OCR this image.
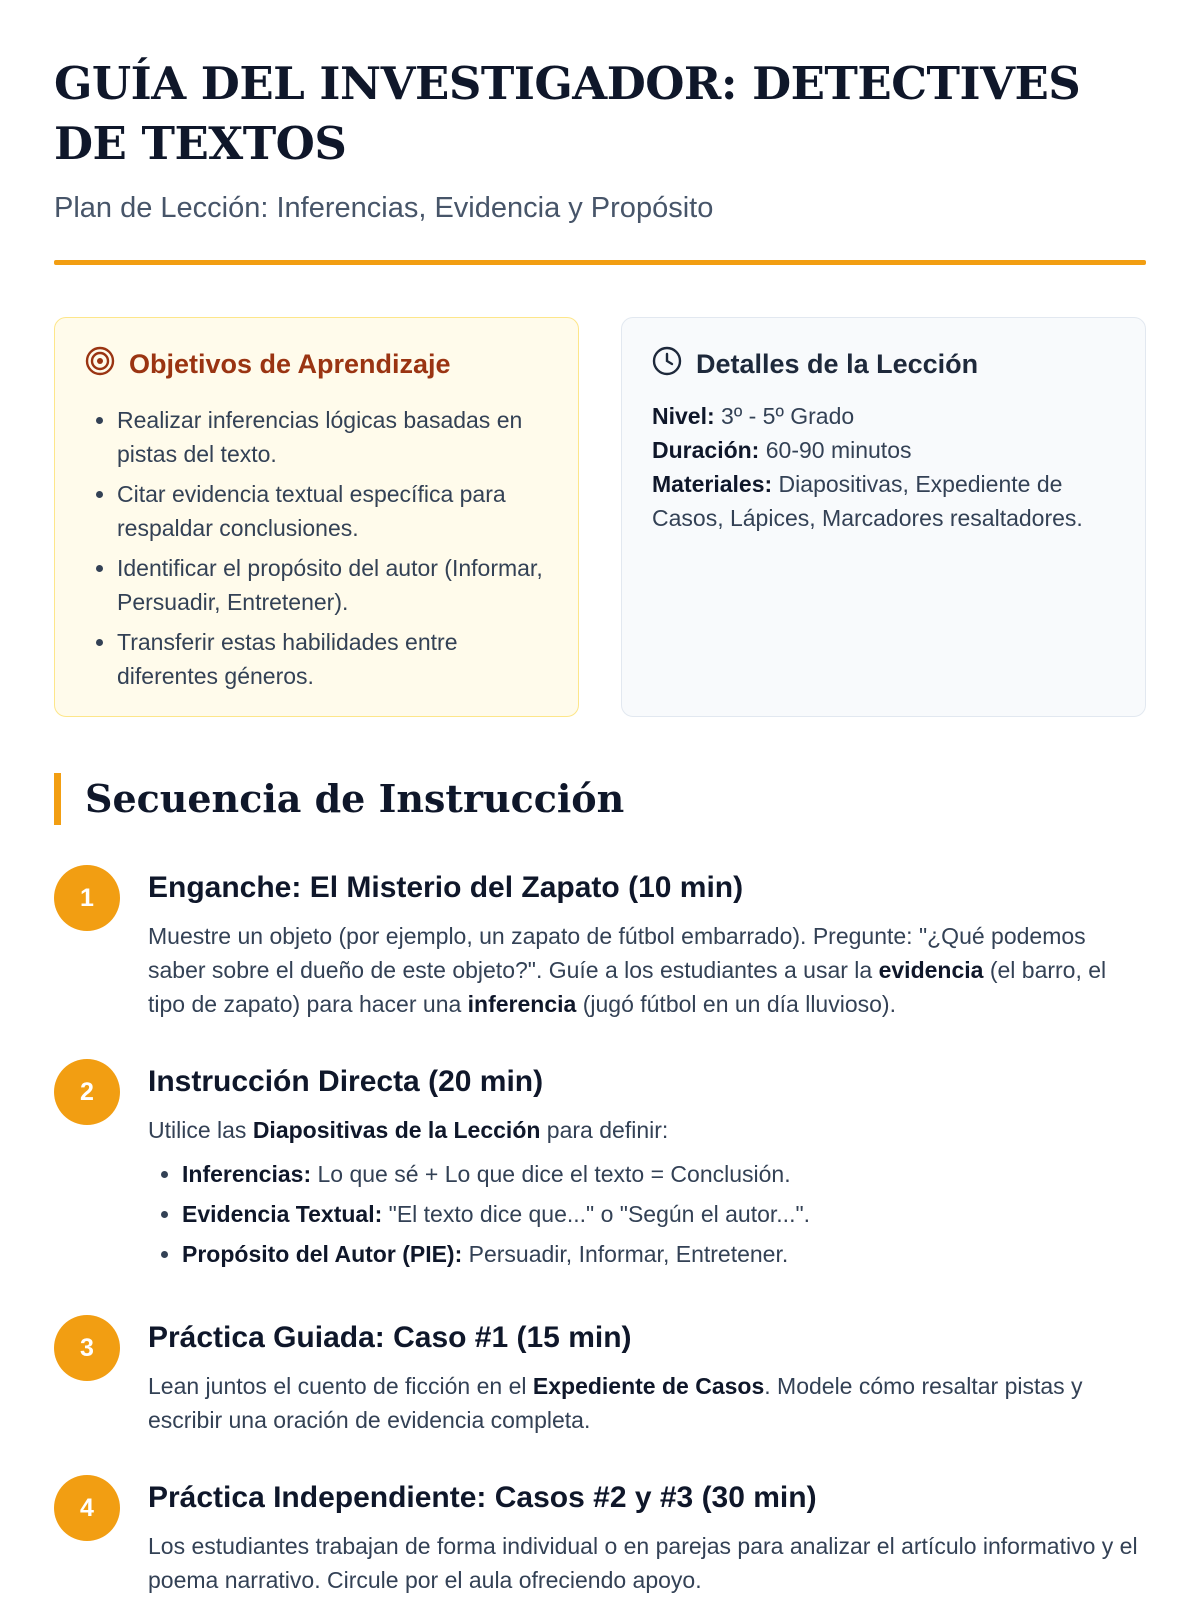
GUÍA DEL INVESTIGADOR: DETECTIVES DE TEXTOS
Plan de Lección: Inferencias, Evidencia y Propósito
Objetivos de Aprendizaje
• Realizar inferencias lógicas basadas en pistas del texto.
• Citar evidencia textual específica para respaldar conclusiones.
• Identificar el propósito del autor (Informar, Persuadir, Entretener).
• Transferir estas habilidades entre diferentes géneros.
Detalles de la Lección
Nivel: 3º - 5º Grado
Duración: 60-90 minutos
Materiales: Diapositivas, Expediente de Casos, Lápices, Marcadores resaltadores.
Secuencia de Instrucción
1	Enganche: El Misterio del Zapato (10 min)
Muestre un objeto (por ejemplo, un zapato de fútbol embarrado). Pregunte: "¿Qué podemos saber sobre el dueño de este objeto?". Guíe a los estudiantes a usar la evidencia (el barro, el tipo de zapato) para hacer una inferencia (jugó fútbol en un día lluvioso).
2	Instrucción Directa (20 min)
Utilice las Diapositivas de la Lección para definir:
• Inferencias: Lo que sé + Lo que dice el texto = Conclusión.
• Evidencia Textual: "El texto dice que..." o "Según el autor...".
• Propósito del Autor (PIE): Persuadir, Informar, Entretener.
3	Práctica Guiada: Caso #1 (15 min)
Lean juntos el cuento de ficción en el Expediente de Casos. Modele cómo resaltar pistas y escribir una oración de evidencia completa.
4	Práctica Independiente: Casos #2 y #3 (30 min)
Los estudiantes trabajan de forma individual o en parejas para analizar el artículo informativo y el poema narrativo. Circule por el aula ofreciendo apoyo.
